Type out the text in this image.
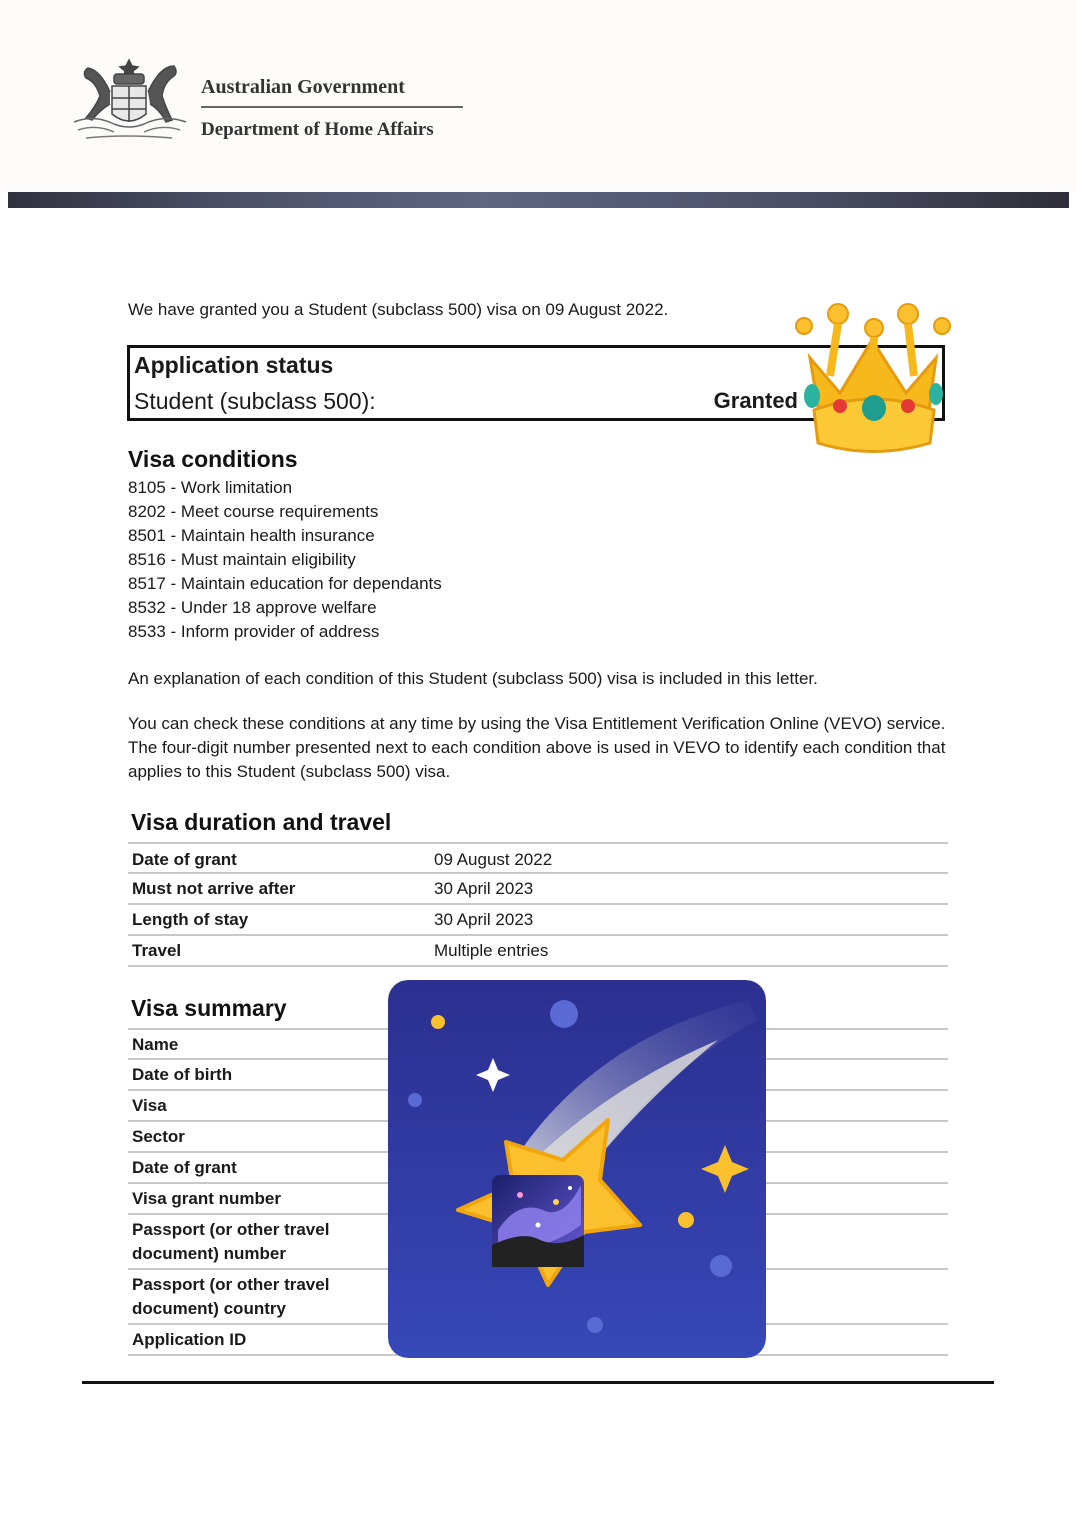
Australian Government
Department of Home Affairs
We have granted you a Student (subclass 500) visa on 09 August 2022.
Application status
Student (subclass 500):	Granted
Visa conditions
8105 - Work limitation
8202 - Meet course requirements
8501 - Maintain health insurance
8516 - Must maintain eligibility
8517 - Maintain education for dependants
8532 - Under 18 approve welfare
8533 - Inform provider of address

An explanation of each condition of this Student (subclass 500) visa is included in this letter.

You can check these conditions at any time by using the Visa Entitlement Verification Online (VEVO) service. The four-digit number presented next to each condition above is used in VEVO to identify each condition that applies to this Student (subclass 500) visa.

Visa duration and travel
Date of grant	09 August 2022
Must not arrive after	30 April 2023
Length of stay	30 April 2023
Travel	Multiple entries
Visa summary
Name
Date of birth
Visa
Sector
Date of grant
Visa grant number
Passport (or other travel document) number
Passport (or other travel document) country
Application ID
